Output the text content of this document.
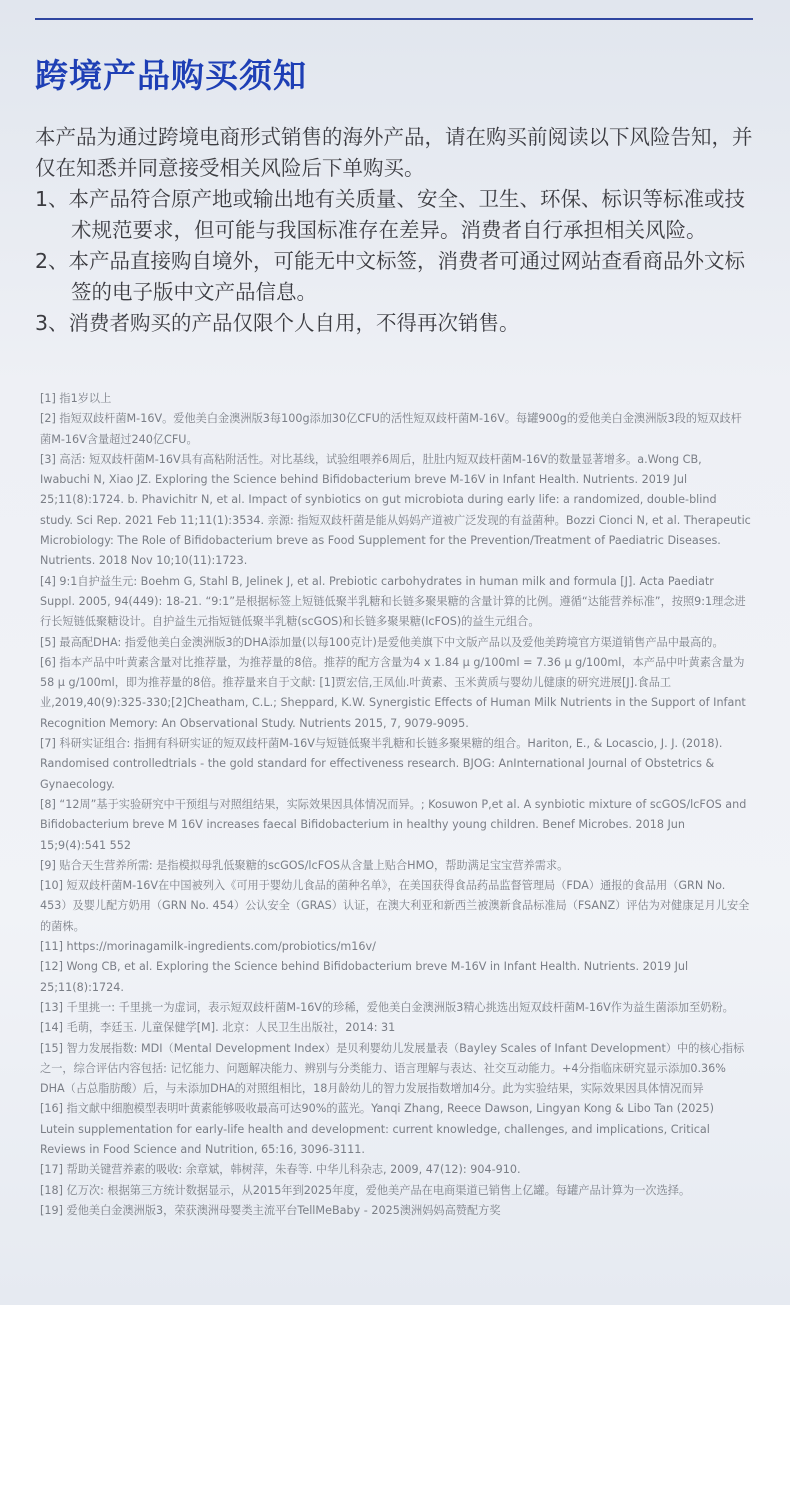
跨境产品购买须知

本产品为通过跨境电商形式销售的海外产品，请在购买前阅读以下风险告知，并仅在知悉并同意接受相关风险后下单购买。

1、本产品符合原产地或输出地有关质量、安全、卫生、环保、标识等标准或技术规范要求，但可能与我国标准存在差异。消费者自行承担相关风险。

2、本产品直接购自境外，可能无中文标签，消费者可通过网站查看商品外文标签的电子版中文产品信息。

3、消费者购买的产品仅限个人自用，不得再次销售。

[1] 指1岁以上

[2] 指短双歧杆菌M-16V。爱他美白金澳洲版3每100g添加30亿CFU的活性短双歧杆菌M-16V。每罐900g的爱他美白金澳洲版3段的短双歧杆菌M-16V含量超过240亿CFU。

[3] 高活: 短双歧杆菌M-16V具有高粘附活性。对比基线，试验组喂养6周后，肚肚内短双歧杆菌M-16V的数量显著增多。a.Wong CB, Iwabuchi N, Xiao JZ. Exploring the Science behind Bifidobacterium breve M-16V in Infant Health. Nutrients. 2019 Jul 25;11(8):1724. b. Phavichitr N, et al. Impact of synbiotics on gut microbiota during early life: a randomized, double-blind study. Sci Rep. 2021 Feb 11;11(1):3534. 亲源: 指短双歧杆菌是能从妈妈产道被广泛发现的有益菌种。Bozzi Cionci N, et al. Therapeutic Microbiology: The Role of Bifidobacterium breve as Food Supplement for the Prevention/Treatment of Paediatric Diseases. Nutrients. 2018 Nov 10;10(11):1723.

[4] 9:1自护益生元: Boehm G, Stahl B, Jelinek J, et al. Prebiotic carbohydrates in human milk and formula [J]. Acta Paediatr Suppl. 2005, 94(449): 18-21. “9:1”是根据标签上短链低聚半乳糖和长链多聚果糖的含量计算的比例。遵循“达能营养标准”，按照9:1理念进行长短链低聚糖设计。自护益生元指短链低聚半乳糖(scGOS)和长链多聚果糖(lcFOS)的益生元组合。

[5] 最高配DHA: 指爱他美白金澳洲版3的DHA添加量(以每100克计)是爱他美旗下中文版产品以及爱他美跨境官方渠道销售产品中最高的。

[6] 指本产品中叶黄素含量对比推荐量，为推荐量的8倍。推荐的配方含量为4 x 1.84 μ g/100ml = 7.36 μ g/100ml，本产品中叶黄素含量为58 μ g/100ml，即为推荐量的8倍。推荐量来自于文献: [1]贾宏信,王凤仙.叶黄素、玉米黄质与婴幼儿健康的研究进展[J].食品工业,2019,40(9):325-330;[2]Cheatham, C.L.; Sheppard, K.W. Synergistic Effects of Human Milk Nutrients in the Support of Infant Recognition Memory: An Observational Study. Nutrients 2015, 7, 9079-9095.

[7] 科研实证组合: 指拥有科研实证的短双歧杆菌M-16V与短链低聚半乳糖和长链多聚果糖的组合。Hariton, E., & Locascio, J. J. (2018). Randomised controlledtrials - the gold standard for effectiveness research. BJOG: AnInternational Journal of Obstetrics & Gynaecology.

[8] “12周”基于实验研究中干预组与对照组结果，实际效果因具体情况而异。; Kosuwon P,et al. A synbiotic mixture of scGOS/lcFOS and Bifidobacterium breve M 16V increases faecal Bifidobacterium in healthy young children. Benef Microbes. 2018 Jun 15;9(4):541 552

[9] 贴合天生营养所需: 是指模拟母乳低聚糖的scGOS/lcFOS从含量上贴合HMO，帮助满足宝宝营养需求。

[10] 短双歧杆菌M-16V在中国被列入《可用于婴幼儿食品的菌种名单》，在美国获得食品药品监督管理局（FDA）通报的食品用（GRN No. 453）及婴儿配方奶用（GRN No. 454）公认安全（GRAS）认证，在澳大利亚和新西兰被澳新食品标准局（FSANZ）评估为对健康足月儿安全的菌株。

[11] https://morinagamilk-ingredients.com/probiotics/m16v/

[12] Wong CB, et al. Exploring the Science behind Bifidobacterium breve M-16V in Infant Health. Nutrients. 2019 Jul 25;11(8):1724.

[13] 千里挑一: 千里挑一为虚词，表示短双歧杆菌M-16V的珍稀，爱他美白金澳洲版3精心挑选出短双歧杆菌M-16V作为益生菌添加至奶粉。

[14] 毛萌，李廷玉. 儿童保健学[M]. 北京：人民卫生出版社，2014: 31

[15] 智力发展指数: MDI（Mental Development Index）是贝利婴幼儿发展量表（Bayley Scales of Infant Development）中的核心指标之一，综合评估内容包括: 记忆能力、问题解决能力、辨别与分类能力、语言理解与表达、社交互动能力。+4分指临床研究显示添加0.36% DHA（占总脂肪酸）后，与未添加DHA的对照组相比，18月龄幼儿的智力发展指数增加4分。此为实验结果，实际效果因具体情况而异

[16] 指文献中细胞模型表明叶黄素能够吸收最高可达90%的蓝光。Yanqi Zhang, Reece Dawson, Lingyan Kong & Libo Tan (2025) Lutein supplementation for early-life health and development: current knowledge, challenges, and implications, Critical Reviews in Food Science and Nutrition, 65:16, 3096-3111.

[17] 帮助关键营养素的吸收: 余章斌，韩树萍，朱春等. 中华儿科杂志, 2009, 47(12): 904-910.

[18] 亿万次: 根据第三方统计数据显示，从2015年到2025年度，爱他美产品在电商渠道已销售上亿罐。每罐产品计算为一次选择。

[19] 爱他美白金澳洲版3，荣获澳洲母婴类主流平台TellMeBaby - 2025澳洲妈妈高赞配方奖
